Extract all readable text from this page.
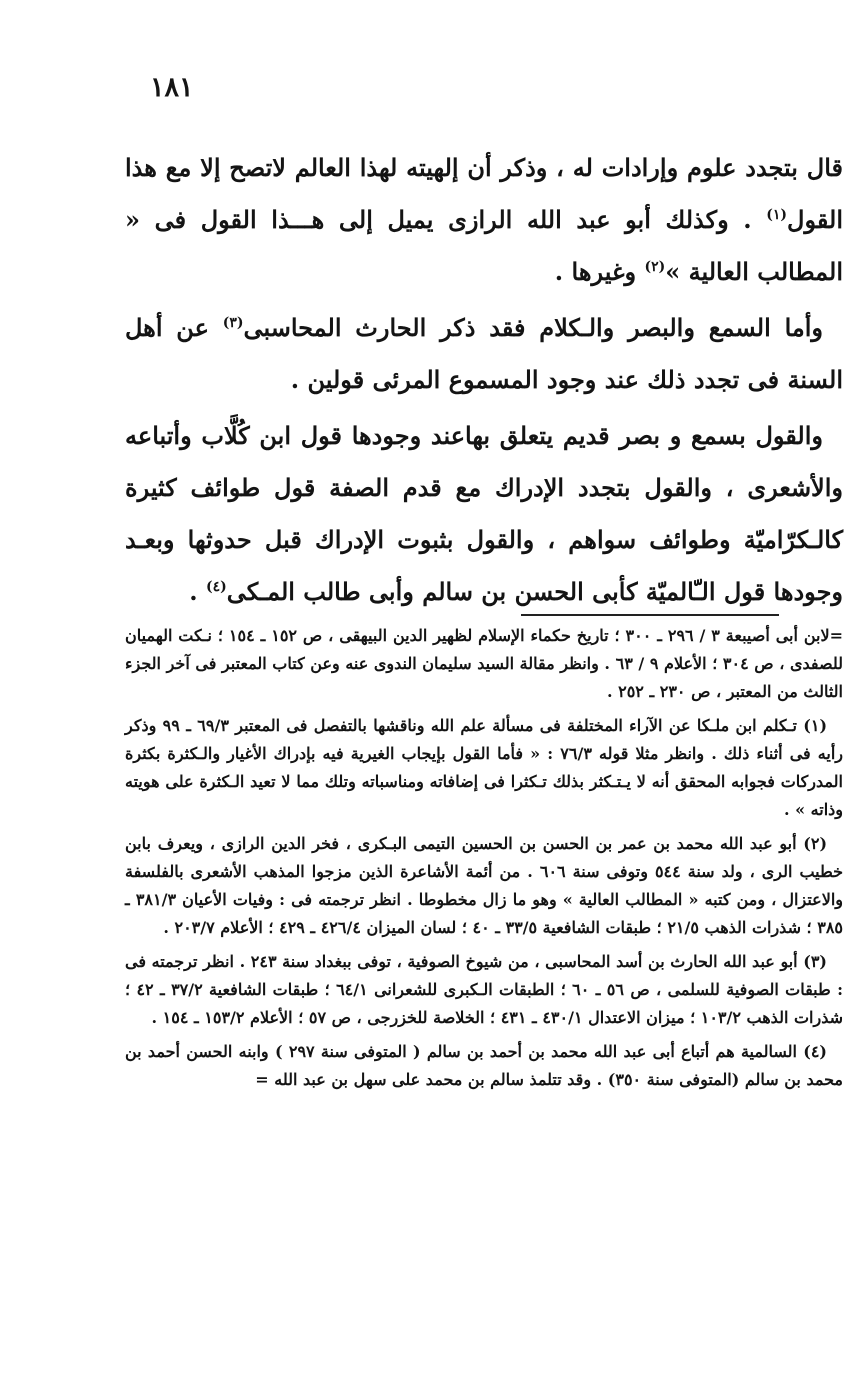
١٨١

قال بتجدد علوم وإرادات له ، وذكر أن إلهيته لهذا العالم لاتصح إلا مع هذا القول$^{(١)}$ . وكذلك أبو عبد الله الرازى يميل إلى هـــذا القول فى « المطالب العالية »$^{(٢)}$ وغيرها .

وأما السمع والبصر والـكلام فقد ذكر الحارث المحاسبى$^{(٣)}$ عن أهل السنة فى تجدد ذلك عند وجود المسموع المرئى قولين .

والقول بسمع و بصر قديم يتعلق بهاعند وجودها قول ابن كُلَّاب وأتباعه والأشعرى ، والقول بتجدد الإدراك مع قدم الصفة قول طوائف كثيرة كالـكرّاميّة وطوائف سواهم ، والقول بثبوت الإدراك قبل حدوثها وبعـد وجودها قول الـّالميّة كأبى الحسن بن سالم وأبى طالب المـكى$^{(٤)}$ .

=لابن أبى أصيبعة ٣ / ٢٩٦ ـ ٣٠٠ ؛ تاريخ حكماء الإسلام لظهير الدين البيهقى ، ص ١٥٢ ـ ١٥٤ ؛ نـكت الهميان للصفدى ، ص ٣٠٤ ؛ الأعلام ٩ / ٦٣ . وانظر مقالة السيد سليمان الندوى عنه وعن كتاب المعتبر فى آخر الجزء الثالث من المعتبر ، ص ٢٣٠ ـ ٢٥٢ .

(١) تـكلم ابن ملـكا عن الآراء المختلفة فى مسألة علم الله وناقشها بالتفصل فى المعتبر ٦٩/٣ ـ ٩٩ وذكر رأيه فى أثناء ذلك . وانظر مثلا قوله ٧٦/٣ : « فأما القول بإيجاب الغيرية فيه بإدراك الأغيار والـكثرة بكثرة المدركات فجوابه المحقق أنه لا يـتـكثر بذلك تـكثرا فى إضافاته ومناسباته وتلك مما لا تعيد الـكثرة على هويته وذاته » .

(٢) أبو عبد الله محمد بن عمر بن الحسن بن الحسين التيمى البـكرى ، فخر الدين الرازى ، ويعرف بابن خطيب الرى ، ولد سنة ٥٤٤ وتوفى سنة ٦٠٦ . من أئمة الأشاعرة الذين مزجوا المذهب الأشعرى بالفلسفة والاعتزال ، ومن كتبه « المطالب العالية » وهو ما زال مخطوطا . انظر ترجمته فى : وفيات الأعيان ٣٨١/٣ ـ ٣٨٥ ؛ شذرات الذهب ٢١/٥ ؛ طبقات الشافعية ٣٣/٥ ـ ٤٠ ؛ لسان الميزان ٤٢٦/٤ ـ ٤٢٩ ؛ الأعلام ٢٠٣/٧ .

(٣) أبو عبد الله الحارث بن أسد المحاسبى ، من شيوخ الصوفية ، توفى ببغداد سنة ٢٤٣ . انظر ترجمته فى : طبقات الصوفية للسلمى ، ص ٥٦ ـ ٦٠ ؛ الطبقات الـكبرى للشعرانى ٦٤/١ ؛ طبقات الشافعية ٣٧/٢ ـ ٤٢ ؛ شذرات الذهب ١٠٣/٢ ؛ ميزان الاعتدال ٤٣٠/١ ـ ٤٣١ ؛ الخلاصة للخزرجى ، ص ٥٧ ؛ الأعلام ١٥٣/٢ ـ ١٥٤ .

(٤) السالمية هم أتباع أبى عبد الله محمد بن أحمد بن سالم ( المتوفى سنة ٢٩٧ ) وابنه الحسن أحمد بن محمد بن سالم (المتوفى سنة ٣٥٠) . وقد تتلمذ سالم بن محمد على سهل بن عبد الله =
